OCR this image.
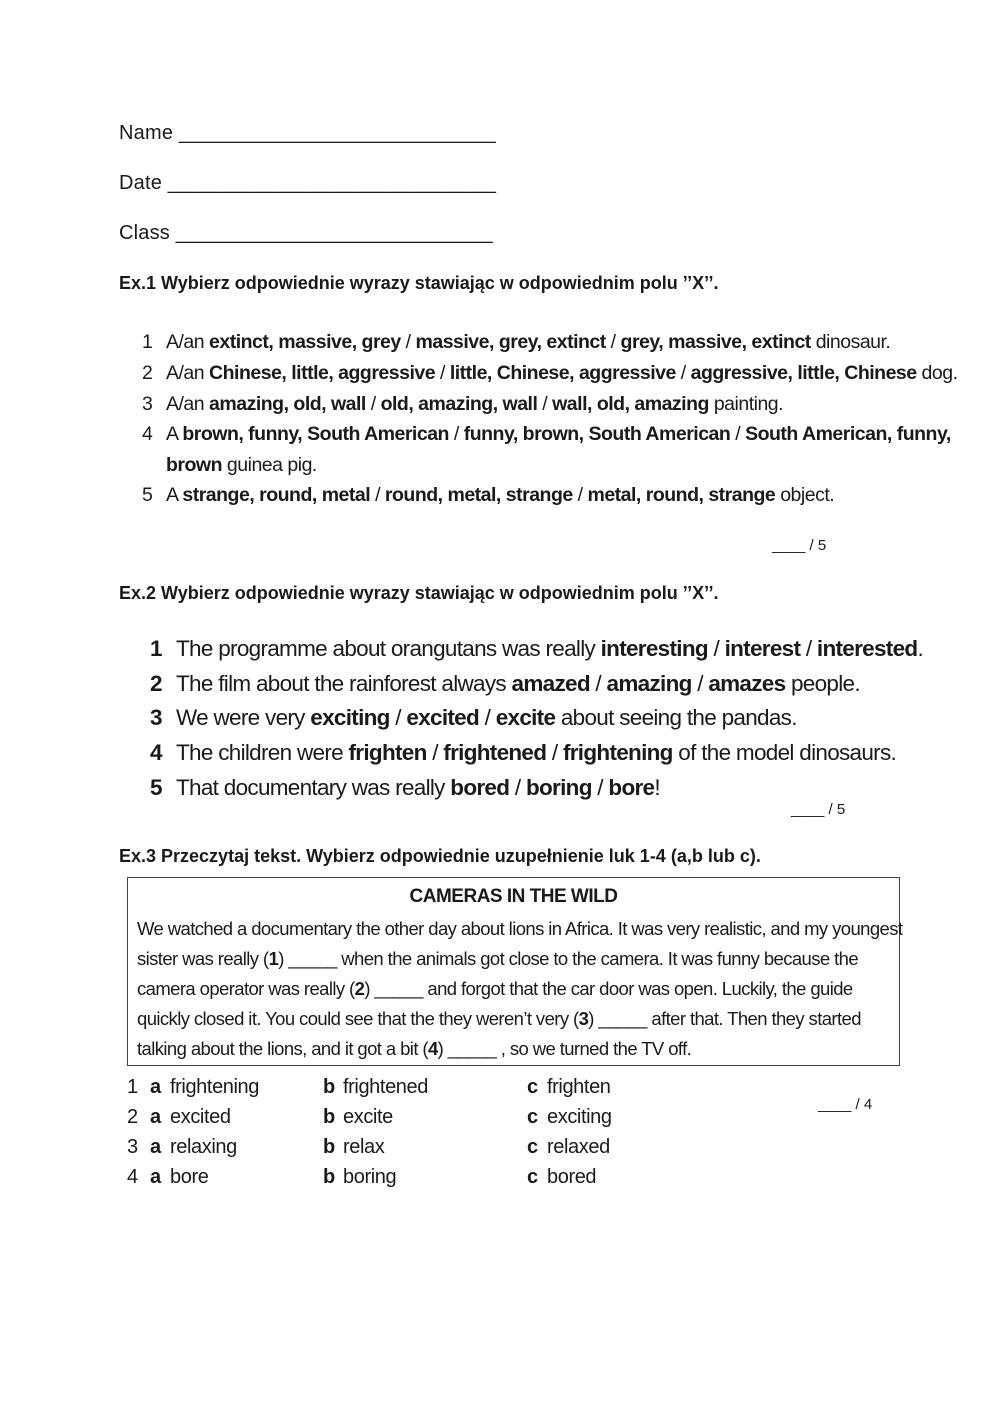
Name ____________________________
Date _____________________________
Class ____________________________
Ex.1 Wybierz odpowiednie wyrazy stawiając w odpowiednim polu ’’X’’.
1 A/an extinct, massive, grey / massive, grey, extinct / grey, massive, extinct dinosaur.
2 A/an Chinese, little, aggressive / little, Chinese, aggressive / aggressive, little, Chinese dog.
3 A/an amazing, old, wall / old, amazing, wall / wall, old, amazing painting.
4 A brown, funny, South American / funny, brown, South American / South American, funny,
brown guinea pig.
5 A strange, round, metal / round, metal, strange / metal, round, strange object.
____ / 5
Ex.2 Wybierz odpowiednie wyrazy stawiając w odpowiednim polu ’’X’’.
1 The programme about orangutans was really interesting / interest / interested.
2 The film about the rainforest always amazed / amazing / amazes people.
3 We were very exciting / excited / excite about seeing the pandas.
4 The children were frighten / frightened / frightening of the model dinosaurs.
5 That documentary was really bored / boring / bore!
____ / 5
Ex.3 Przeczytaj tekst. Wybierz odpowiednie uzupełnienie luk 1-4 (a,b lub c).
CAMERAS IN THE WILD
We watched a documentary the other day about lions in Africa. It was very realistic, and my youngest
sister was really (1) _____ when the animals got close to the camera. It was funny because the
camera operator was really (2) _____ and forgot that the car door was open. Luckily, the guide
quickly closed it. You could see that the they weren’t very (3) _____ after that. Then they started
talking about the lions, and it got a bit (4) _____ , so we turned the TV off.
1 a frightening	b frightened	c frighten
2 a excited	b excite	c exciting
3 a relaxing	b relax	c relaxed
4 a bore	b boring	c bored
____ / 4
